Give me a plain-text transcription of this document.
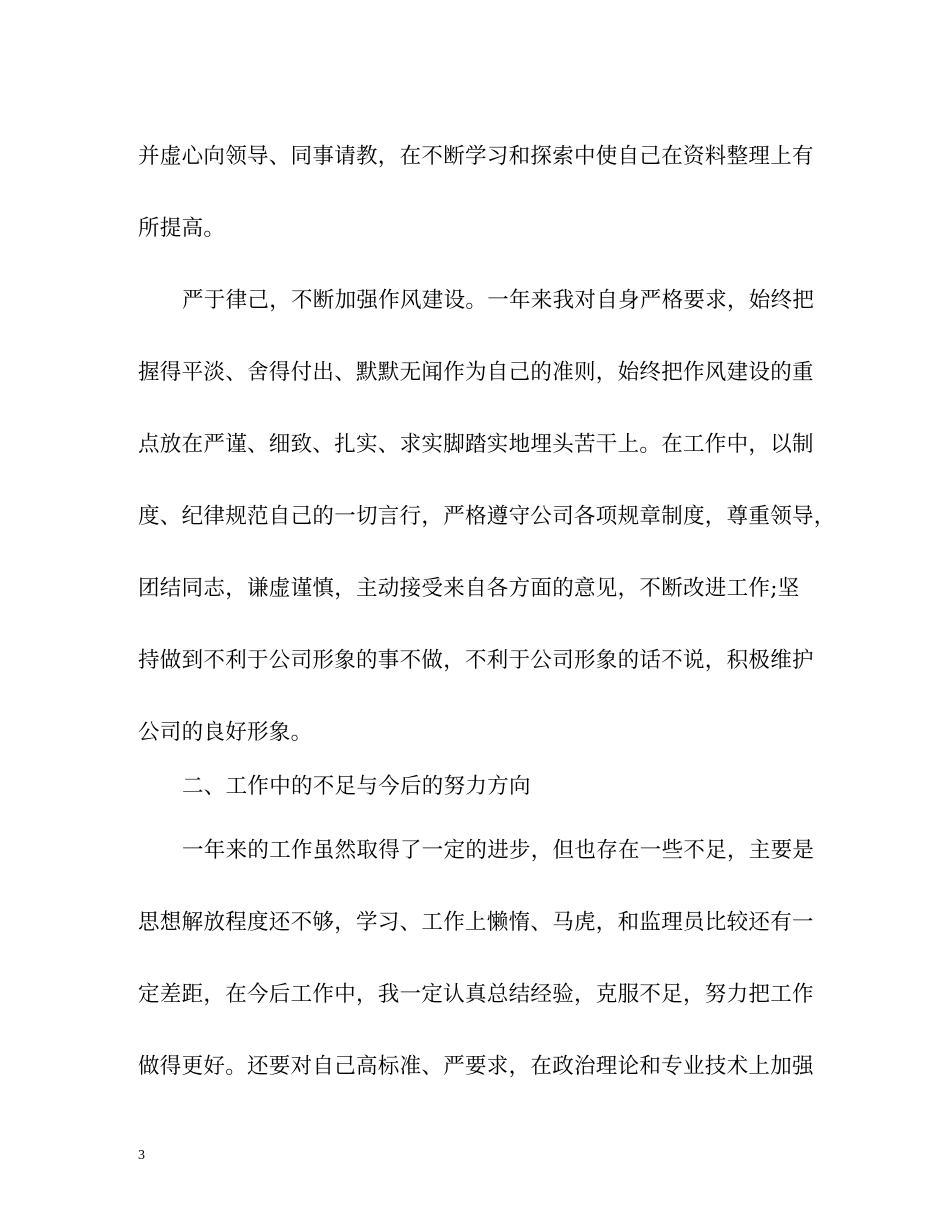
并虚心向领导、同事请教，在不断学习和探索中使自己在资料整理上有
所提高。
严于律己，不断加强作风建设。一年来我对自身严格要求，始终把
握得平淡、舍得付出、默默无闻作为自己的准则，始终把作风建设的重
点放在严谨、细致、扎实、求实脚踏实地埋头苦干上。在工作中，以制
度、纪律规范自己的一切言行，严格遵守公司各项规章制度，尊重领导，
团结同志，谦虚谨慎，主动接受来自各方面的意见，不断改进工作;坚
持做到不利于公司形象的事不做，不利于公司形象的话不说，积极维护
公司的良好形象。
二、工作中的不足与今后的努力方向
一年来的工作虽然取得了一定的进步，但也存在一些不足，主要是
思想解放程度还不够，学习、工作上懒惰、马虎，和监理员比较还有一
定差距，在今后工作中，我一定认真总结经验，克服不足，努力把工作
做得更好。还要对自己高标准、严要求，在政治理论和专业技术上加强
3
